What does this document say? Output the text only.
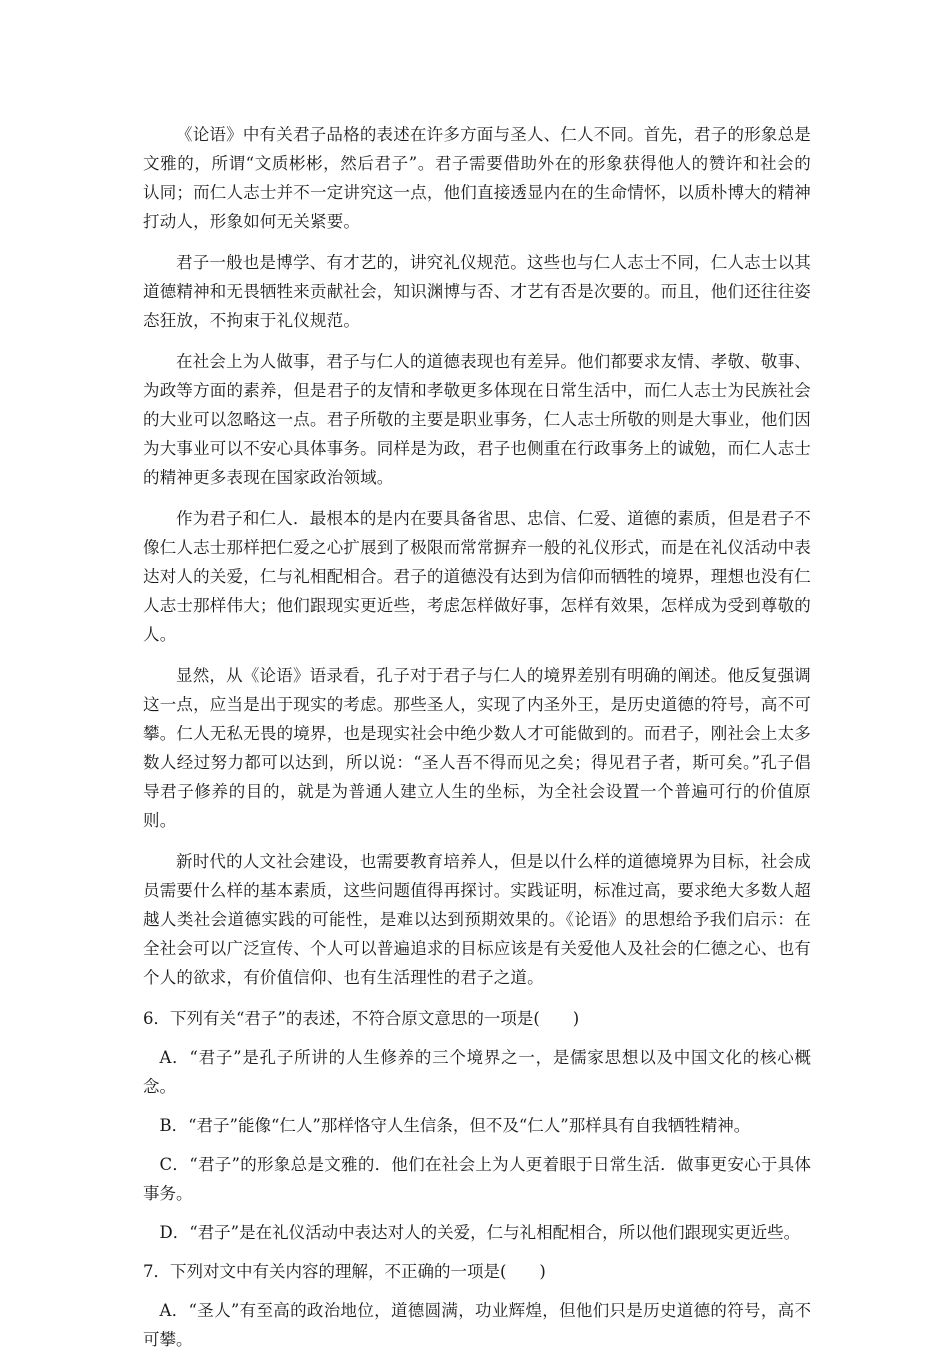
《论语》中有关君子品格的表述在许多方面与圣人、仁人不同。首先，君子的形象总是文雅的，所谓“文质彬彬，然后君子”。君子需要借助外在的形象获得他人的赞许和社会的认同；而仁人志士并不一定讲究这一点，他们直接透显内在的生命情怀，以质朴博大的精神打动人，形象如何无关紧要。

君子一般也是博学、有才艺的，讲究礼仪规范。这些也与仁人志士不同，仁人志士以其道德精神和无畏牺牲来贡献社会，知识渊博与否、才艺有否是次要的。而且，他们还往往姿态狂放，不拘束于礼仪规范。

在社会上为人做事，君子与仁人的道德表现也有差异。他们都要求友情、孝敬、敬事、为政等方面的素养，但是君子的友情和孝敬更多体现在日常生活中，而仁人志士为民族社会的大业可以忽略这一点。君子所敬的主要是职业事务，仁人志士所敬的则是大事业，他们因为大事业可以不安心具体事务。同样是为政，君子也侧重在行政事务上的诚勉，而仁人志士的精神更多表现在国家政治领域。

作为君子和仁人．最根本的是内在要具备省思、忠信、仁爱、道德的素质，但是君子不像仁人志士那样把仁爱之心扩展到了极限而常常摒弃一般的礼仪形式，而是在礼仪活动中表达对人的关爱，仁与礼相配相合。君子的道德没有达到为信仰而牺牲的境界，理想也没有仁人志士那样伟大；他们跟现实更近些，考虑怎样做好事，怎样有效果，怎样成为受到尊敬的人。

显然，从《论语》语录看，孔子对于君子与仁人的境界差别有明确的阐述。他反复强调这一点，应当是出于现实的考虑。那些圣人，实现了内圣外王，是历史道德的符号，高不可攀。仁人无私无畏的境界，也是现实社会中绝少数人才可能做到的。而君子，刚社会上太多数人经过努力都可以达到，所以说：“圣人吾不得而见之矣；得见君子者，斯可矣。”孔子倡导君子修养的目的，就是为普通人建立人生的坐标，为全社会设置一个普遍可行的价值原则。

新时代的人文社会建设，也需要教育培养人，但是以什么样的道德境界为目标，社会成员需要什么样的基本素质，这些问题值得再探讨。实践证明，标准过高，要求绝大多数人超越人类社会道德实践的可能性，是难以达到预期效果的。《论语》的思想给予我们启示：在全社会可以广泛宣传、个人可以普遍追求的目标应该是有关爱他人及社会的仁德之心、也有个人的欲求，有价值信仰、也有生活理性的君子之道。

6．下列有关“君子”的表述，不符合原文意思的一项是(　　)

A．“君子”是孔子所讲的人生修养的三个境界之一，是儒家思想以及中国文化的核心概念。

B．“君子”能像“仁人”那样恪守人生信条，但不及“仁人”那样具有自我牺牲精神。

C．“君子”的形象总是文雅的．他们在社会上为人更着眼于日常生活．做事更安心于具体事务。

D．“君子”是在礼仪活动中表达对人的关爱，仁与礼相配相合，所以他们跟现实更近些。

7．下列对文中有关内容的理解，不正确的一项是(　　)

A．“圣人”有至高的政治地位，道德圆满，功业辉煌，但他们只是历史道德的符号，高不可攀。
